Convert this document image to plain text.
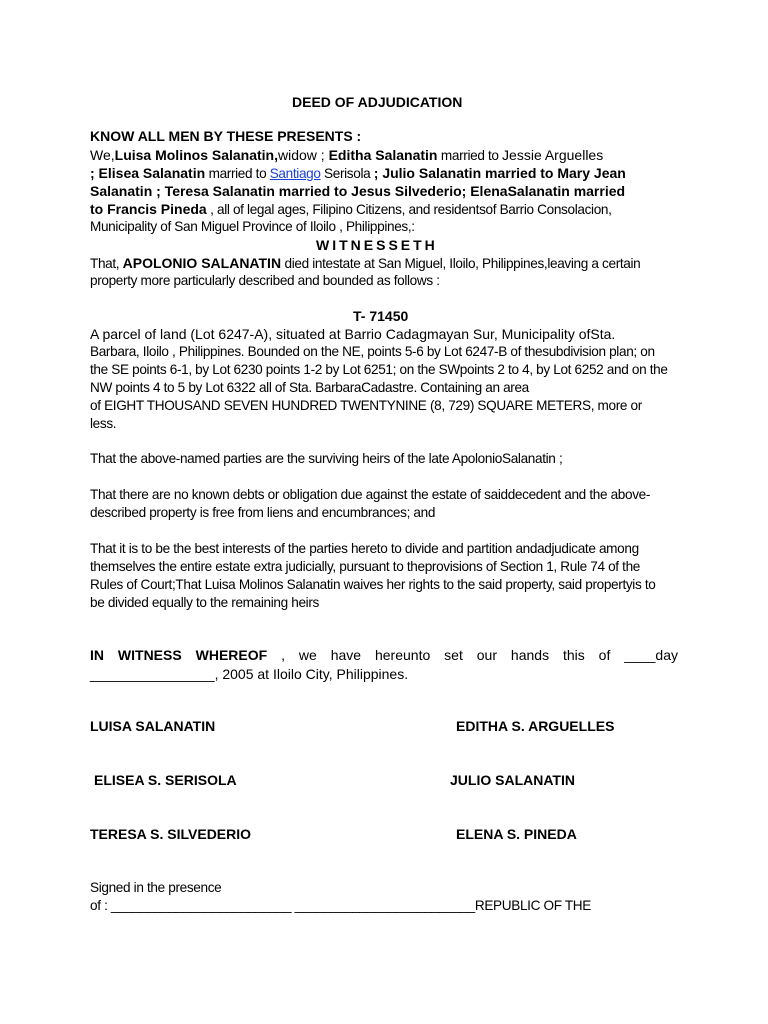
DEED OF ADJUDICATION
KNOW ALL MEN BY THESE PRESENTS :
We,Luisa Molinos Salanatin,widow ; Editha Salanatin married to Jessie Arguelles
; Elisea Salanatin married to Santiago Serisola ; Julio Salanatin married to Mary Jean
Salanatin ; Teresa Salanatin married to Jesus Silvederio; ElenaSalanatin married
to Francis Pineda , all of legal ages, Filipino Citizens, and residentsof Barrio Consolacion,
Municipality of San Miguel Province of Iloilo , Philippines,:
WITNESSETH
That, APOLONIO SALANATIN died intestate at San Miguel, Iloilo, Philippines,leaving a certain
property more particularly described and bounded as follows :
T- 71450
A parcel of land (Lot 6247-A), situated at Barrio Cadagmayan Sur, Municipality ofSta.
Barbara, Iloilo , Philippines. Bounded on the NE, points 5-6 by Lot 6247-B of thesubdivision plan; on
the SE points 6-1, by Lot 6230 points 1-2 by Lot 6251; on the SWpoints 2 to 4, by Lot 6252 and on the
NW points 4 to 5 by Lot 6322 all of Sta. BarbaraCadastre. Containing an area
of EIGHT THOUSAND SEVEN HUNDRED TWENTYNINE (8, 729) SQUARE METERS, more or
less.
That the above-named parties are the surviving heirs of the late ApolonioSalanatin ;
That there are no known debts or obligation due against the estate of saiddecedent and the above-
described property is free from liens and encumbrances; and
That it is to be the best interests of the parties hereto to divide and partition andadjudicate among
themselves the entire estate extra judicially, pursuant to theprovisions of Section 1, Rule 74 of the
Rules of Court;That Luisa Molinos Salanatin waives her rights to the said property, said propertyis to
be divided equally to the remaining heirs
IN WITNESS WHEREOF , we have hereunto set our hands this of ____day
________________, 2005 at Iloilo City, Philippines.
LUISA SALANATIN	EDITHA S. ARGUELLES
ELISEA S. SERISOLA	JULIO SALANATIN
TERESA S. SILVEDERIO	ELENA S. PINEDA
Signed in the presence
of : _________________________ _________________________REPUBLIC OF THE
